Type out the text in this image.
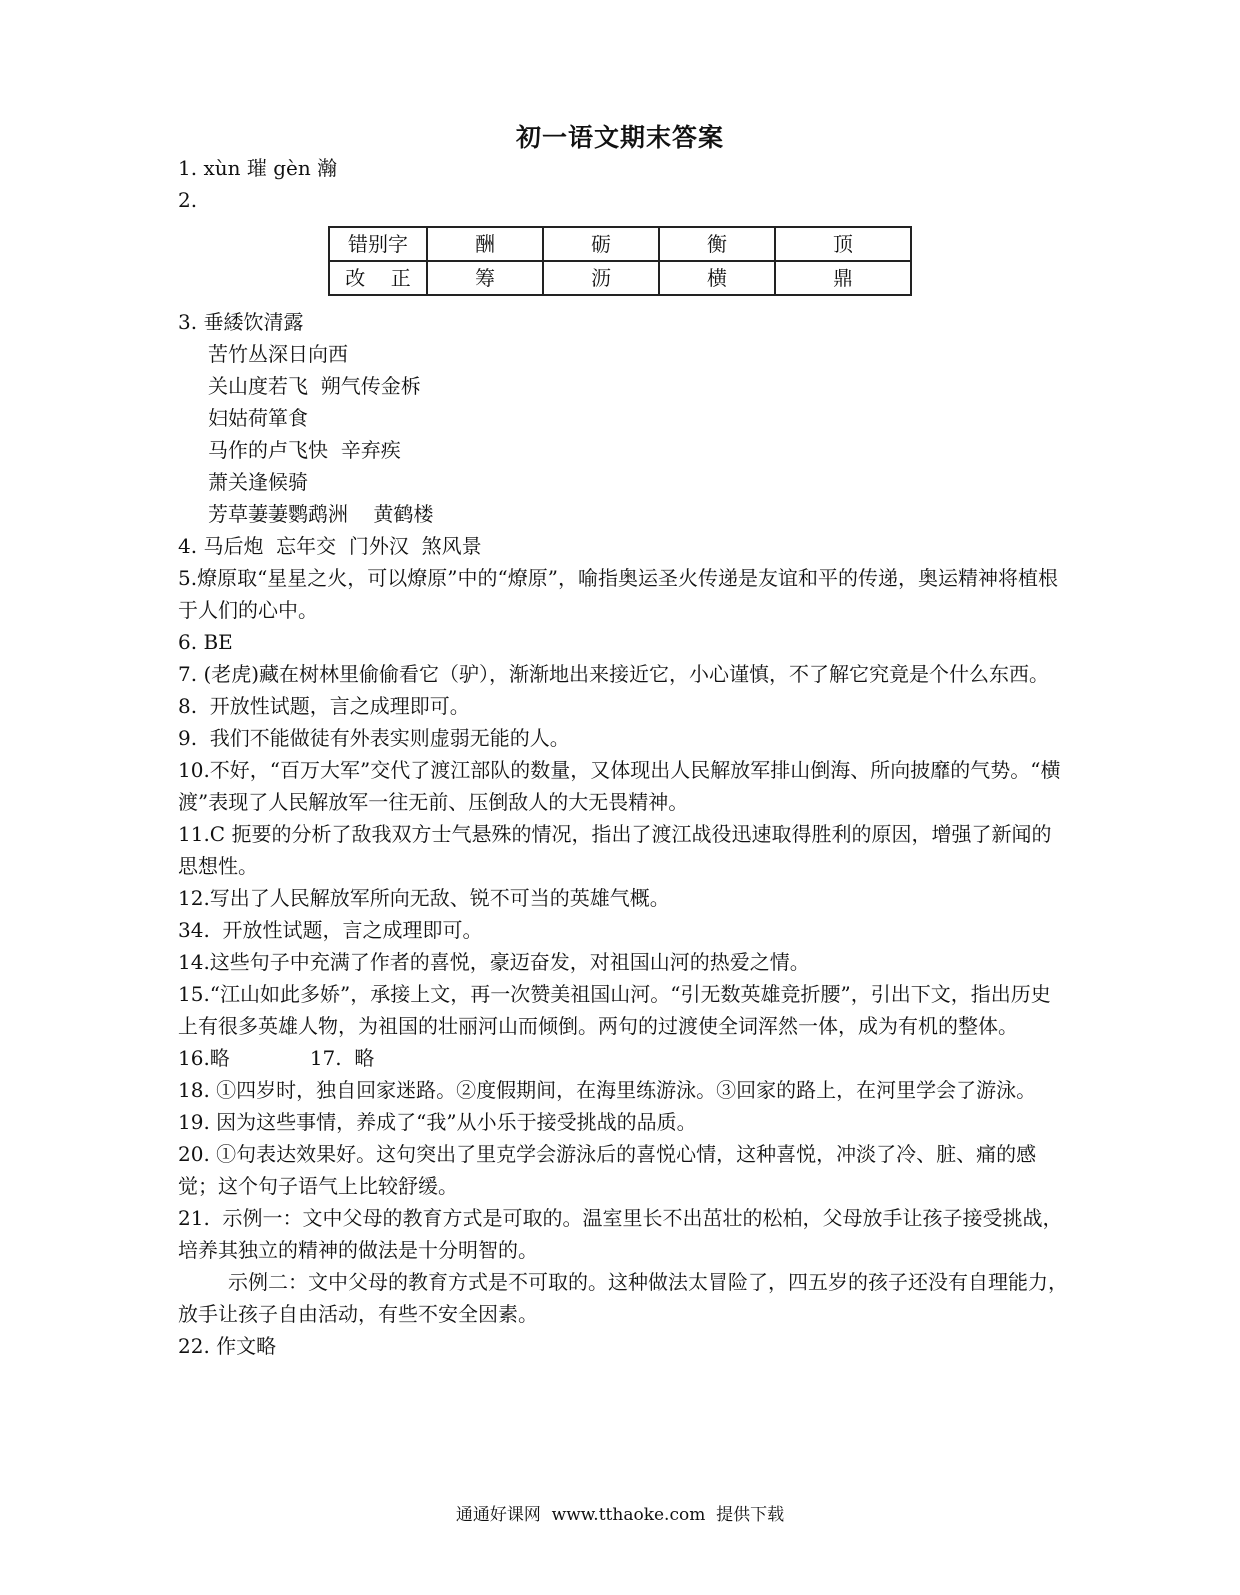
初一语文期末答案
1. xùn 璀 gèn 瀚
2.
错别字	酬	砺	衡	顶
改    正	筹	沥	横	鼎
3. 垂緌饮清露
苦竹丛深日向西
关山度若飞  朔气传金柝
妇姑荷箪食
马作的卢飞快  辛弃疾
萧关逢候骑
芳草萋萋鹦鹉洲    黄鹤楼
4. 马后炮  忘年交  门外汉  煞风景
5.燎原取“星星之火，可以燎原”中的“燎原”，喻指奥运圣火传递是友谊和平的传递，奥运精神将植根于人们的心中。
6. BE
7. (老虎)藏在树林里偷偷看它（驴），渐渐地出来接近它，小心谨慎，不了解它究竟是个什么东西。
8.  开放性试题，言之成理即可。
9.  我们不能做徒有外表实则虚弱无能的人。
10.不好，“百万大军”交代了渡江部队的数量，又体现出人民解放军排山倒海、所向披靡的气势。“横渡”表现了人民解放军一往无前、压倒敌人的大无畏精神。
11.C 扼要的分析了敌我双方士气悬殊的情况，指出了渡江战役迅速取得胜利的原因，增强了新闻的思想性。
12.写出了人民解放军所向无敌、锐不可当的英雄气概。
34.  开放性试题，言之成理即可。
14.这些句子中充满了作者的喜悦，豪迈奋发，对祖国山河的热爱之情。
15.“江山如此多娇”，承接上文，再一次赞美祖国山河。“引无数英雄竞折腰”，引出下文，指出历史上有很多英雄人物，为祖国的壮丽河山而倾倒。两句的过渡使全词浑然一体，成为有机的整体。
16.略	17.  略
18. ①四岁时，独自回家迷路。②度假期间，在海里练游泳。③回家的路上，在河里学会了游泳。
19. 因为这些事情，养成了“我”从小乐于接受挑战的品质。
20. ①句表达效果好。这句突出了里克学会游泳后的喜悦心情，这种喜悦，冲淡了冷、脏、痛的感觉；这个句子语气上比较舒缓。
21.  示例一：文中父母的教育方式是可取的。温室里长不出茁壮的松柏，父母放手让孩子接受挑战，培养其独立的精神的做法是十分明智的。
示例二：文中父母的教育方式是不可取的。这种做法太冒险了，四五岁的孩子还没有自理能力，放手让孩子自由活动，有些不安全因素。
22. 作文略
通通好课网  www.tthaoke.com  提供下载
